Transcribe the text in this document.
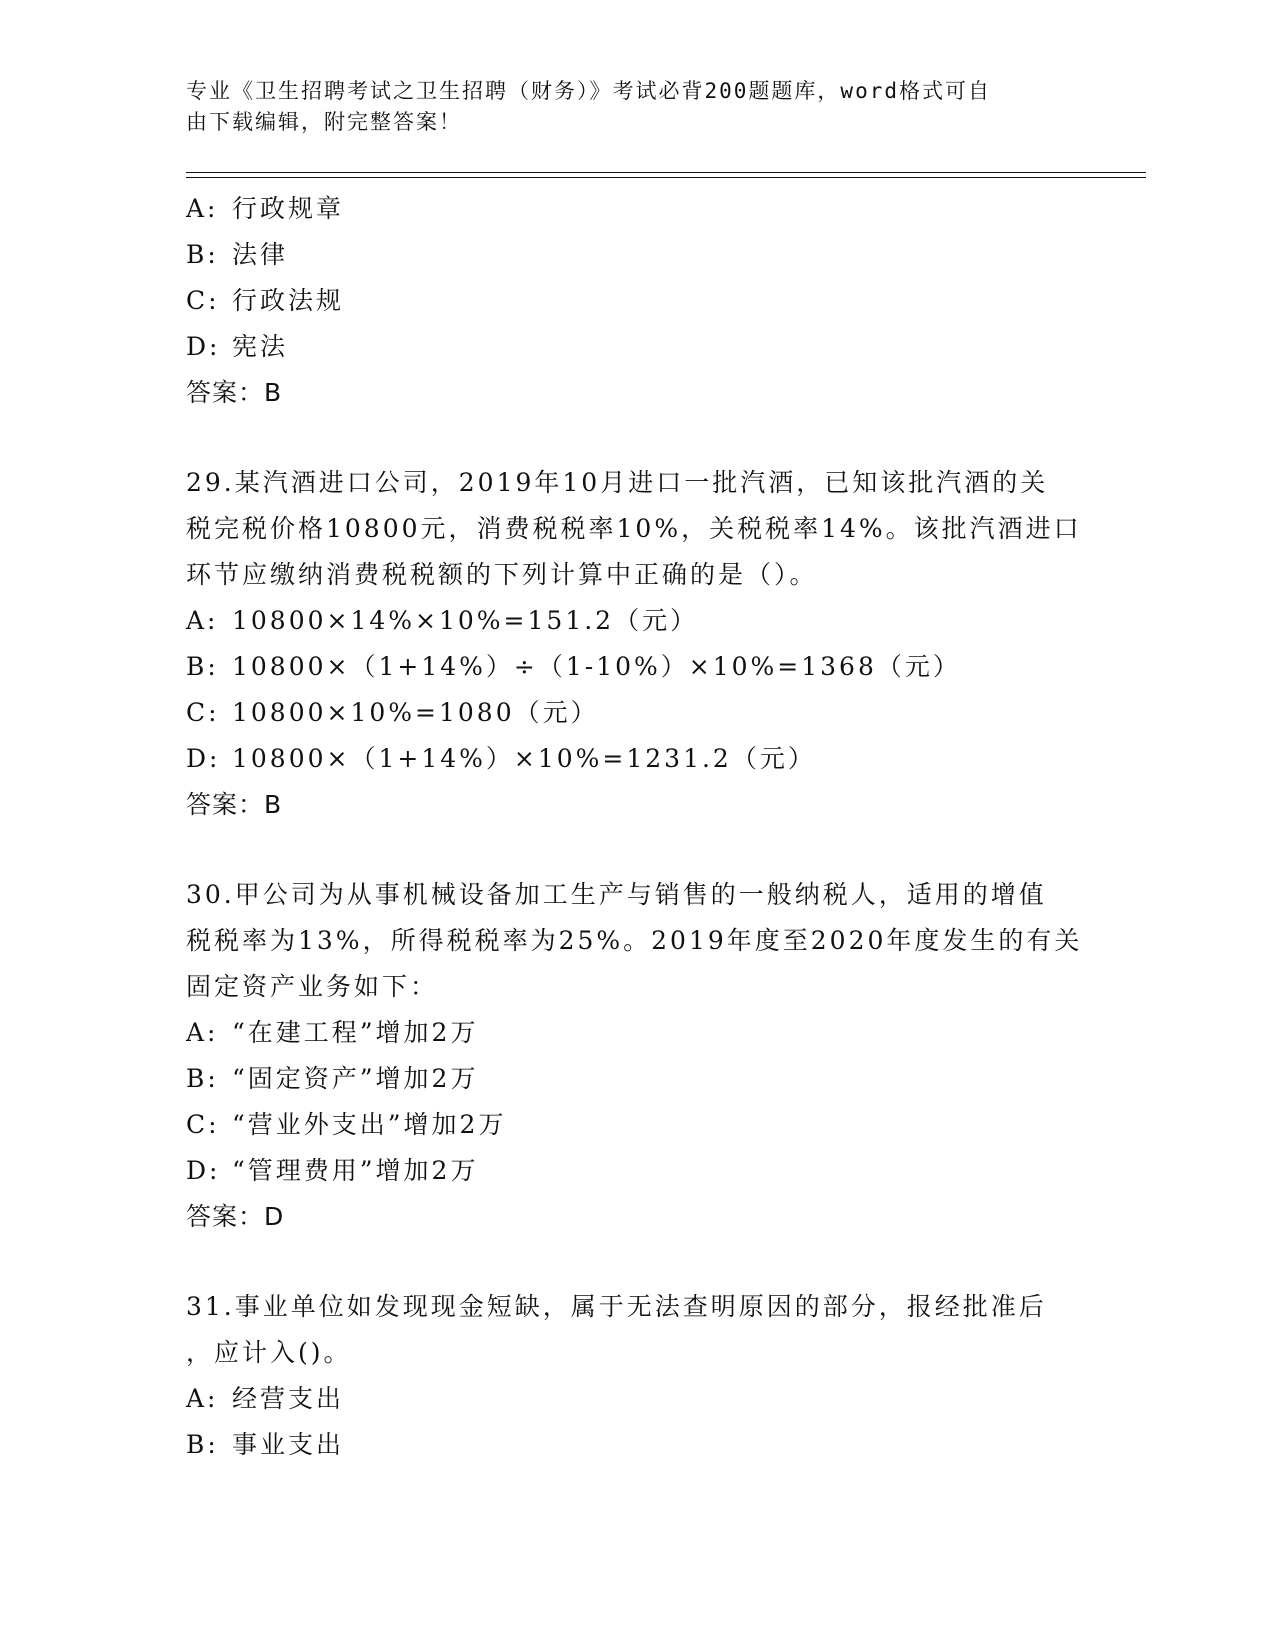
专业《卫生招聘考试之卫生招聘（财务）》考试必背200题题库，word格式可自
由下载编辑，附完整答案！
A: 行政规章
B: 法律
C: 行政法规
D: 宪法
答案：B
29.某汽酒进口公司，2019年10月进口一批汽酒，已知该批汽酒的关
税完税价格10800元，消费税税率10%，关税税率14%。该批汽酒进口
环节应缴纳消费税税额的下列计算中正确的是（）。
A: 10800×14%×10%=151.2（元）
B: 10800×（1+14%）÷（1-10%）×10%=1368（元）
C: 10800×10%=1080（元）
D: 10800×（1+14%）×10%=1231.2（元）
答案：B
30.甲公司为从事机械设备加工生产与销售的一般纳税人，适用的增值
税税率为13%，所得税税率为25%。2019年度至2020年度发生的有关
固定资产业务如下：
A: “在建工程”增加2万
B: “固定资产”增加2万
C: “营业外支出”增加2万
D: “管理费用”增加2万
答案：D
31.事业单位如发现现金短缺，属于无法查明原因的部分，报经批准后
，应计入()。
A: 经营支出
B: 事业支出
